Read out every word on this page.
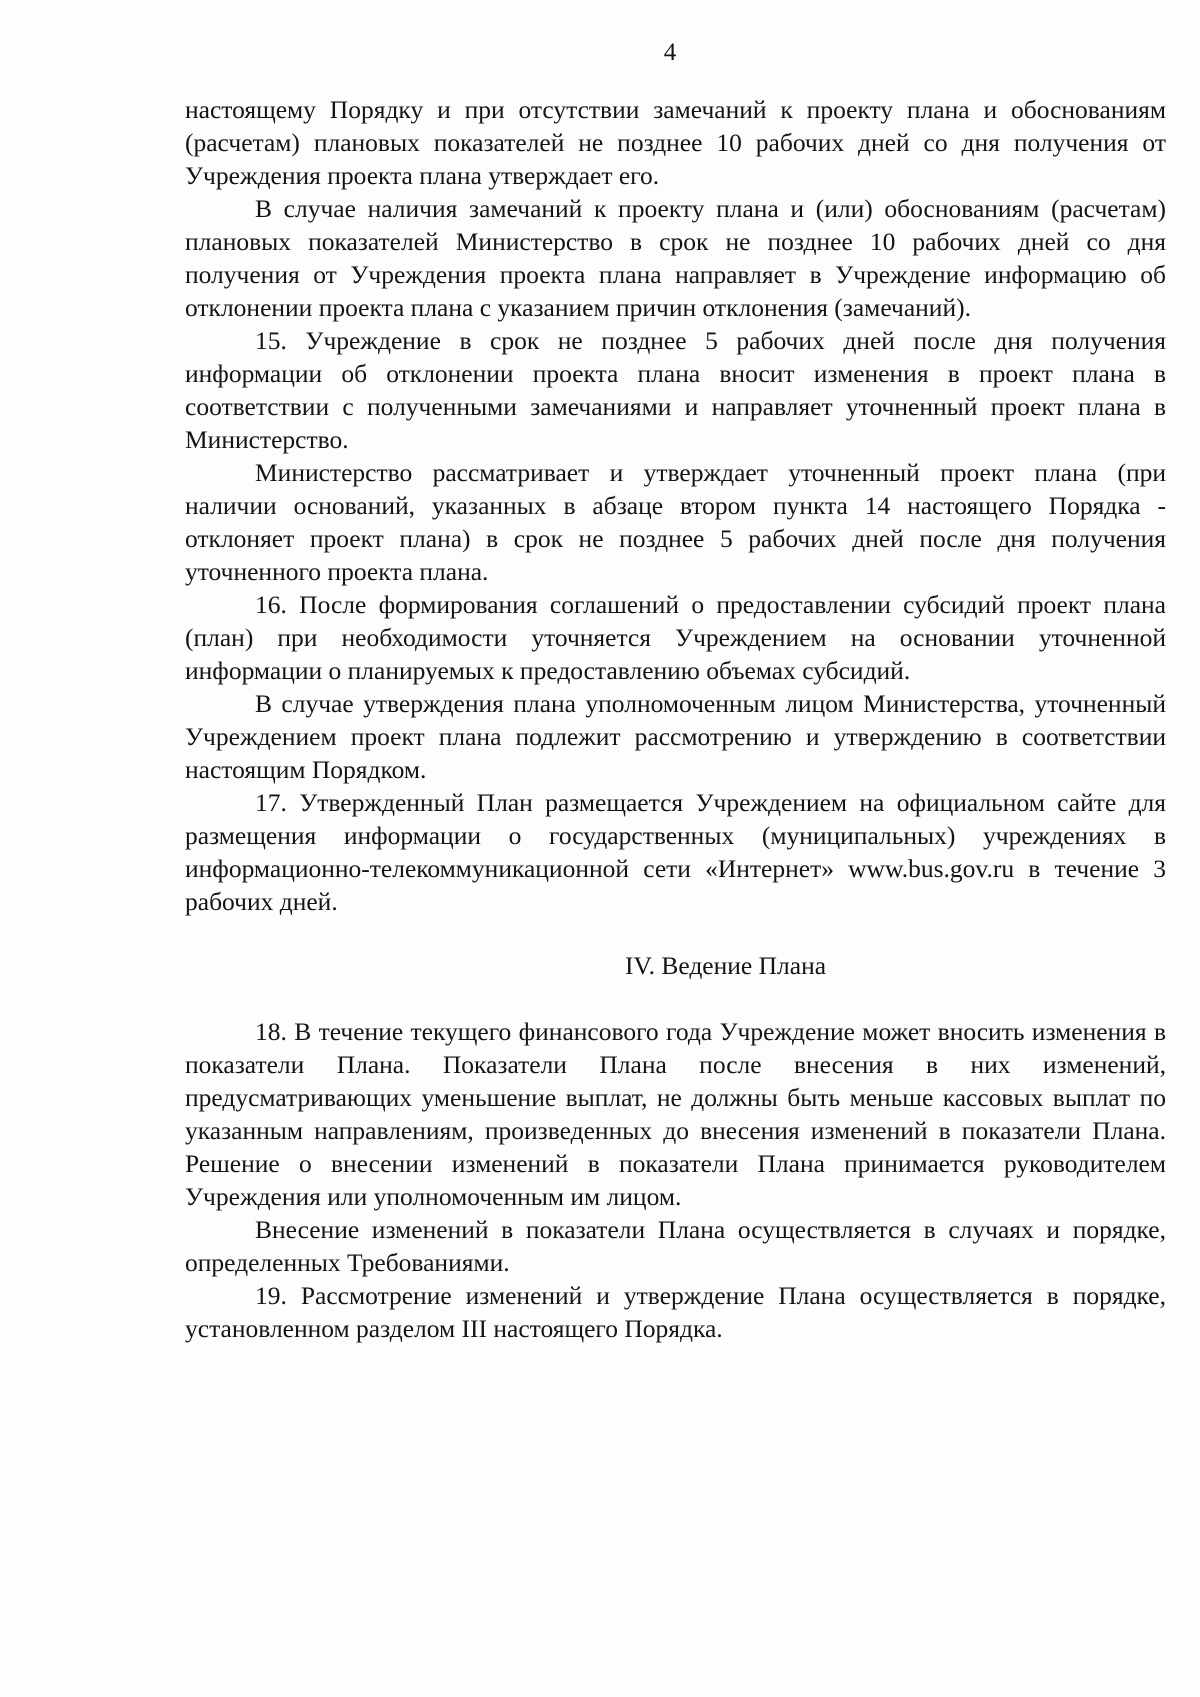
4

настоящему Порядку и при отсутствии замечаний к проекту плана и обоснованиям (расчетам) плановых показателей не позднее 10 рабочих дней со дня получения от Учреждения проекта плана утверждает его.

В случае наличия замечаний к проекту плана и (или) обоснованиям (расчетам) плановых показателей Министерство в срок не позднее 10 рабочих дней со дня получения от Учреждения проекта плана направляет в Учреждение информацию об отклонении проекта плана с указанием причин отклонения (замечаний).

15. Учреждение в срок не позднее 5 рабочих дней после дня получения информации об отклонении проекта плана вносит изменения в проект плана в соответствии с полученными замечаниями и направляет уточненный проект плана в Министерство.

Министерство рассматривает и утверждает уточненный проект плана (при наличии оснований, указанных в абзаце втором пункта 14 настоящего Порядка - отклоняет проект плана) в срок не позднее 5 рабочих дней после дня получения уточненного проекта плана.

16. После формирования соглашений о предоставлении субсидий проект плана (план) при необходимости уточняется Учреждением на основании уточненной информации о планируемых к предоставлению объемах субсидий.

В случае утверждения плана уполномоченным лицом Министерства, уточненный Учреждением проект плана подлежит рассмотрению и утверждению в соответствии настоящим Порядком.

17. Утвержденный План размещается Учреждением на официальном сайте для размещения информации о государственных (муниципальных) учреждениях в информационно-телекоммуникационной сети «Интернет» www.bus.gov.ru в течение 3 рабочих дней.

IV. Ведение Плана

18. В течение текущего финансового года Учреждение может вносить изменения в показатели Плана. Показатели Плана после внесения в них изменений, предусматривающих уменьшение выплат, не должны быть меньше кассовых выплат по указанным направлениям, произведенных до внесения изменений в показатели Плана. Решение о внесении изменений в показатели Плана принимается руководителем Учреждения или уполномоченным им лицом.

Внесение изменений в показатели Плана осуществляется в случаях и порядке, определенных Требованиями.

19. Рассмотрение изменений и утверждение Плана осуществляется в порядке, установленном разделом III настоящего Порядка.
